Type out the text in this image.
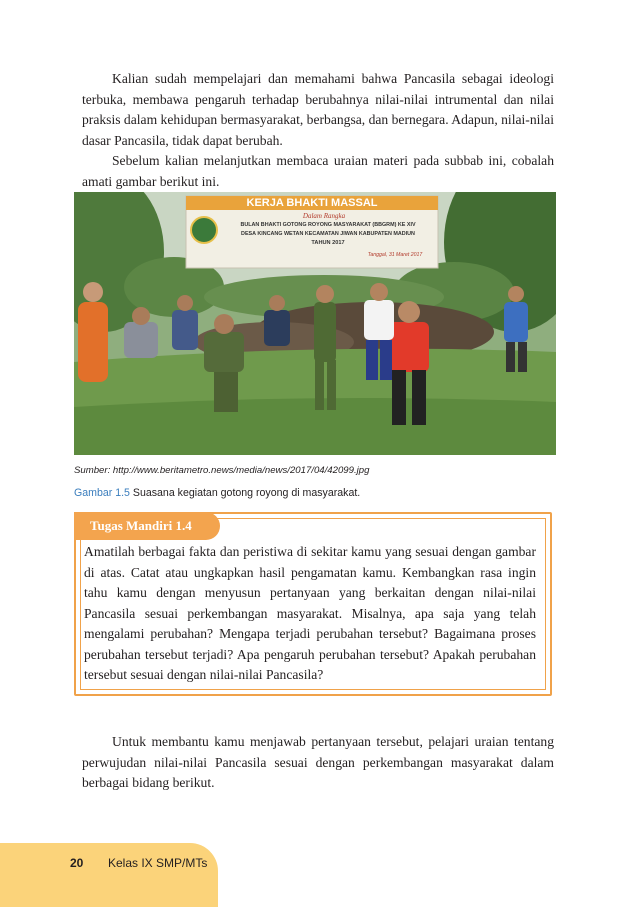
Kalian sudah mempelajari dan memahami bahwa Pancasila sebagai ideologi terbuka, membawa pengaruh terhadap berubahnya nilai-nilai intrumental dan nilai praksis dalam kehidupan bermasyarakat, berbangsa, dan bernegara. Adapun, nilai-nilai dasar Pancasila, tidak dapat berubah.

Sebelum kalian melanjutkan membaca uraian materi pada subbab ini, cobalah amati gambar berikut ini.

KERJA BHAKTI MASSAL
Dalam Rangka
BULAN BHAKTI GOTONG ROYONG MASYARAKAT (BBGRM) KE XIV
DESA KINCANG WETAN KECAMATAN JIWAN KABUPATEN MADIUN
TAHUN 2017
Tanggal, 31 Maret 2017

Sumber: http://www.beritametro.news/media/news/2017/04/42099.jpg

Gambar 1.5 Suasana kegiatan gotong royong di masyarakat.

Tugas Mandiri 1.4

Amatilah berbagai fakta dan peristiwa di sekitar kamu yang sesuai dengan gambar di atas. Catat atau ungkapkan hasil pengamatan kamu. Kembangkan rasa ingin tahu kamu dengan menyusun pertanyaan yang berkaitan dengan nilai-nilai Pancasila sesuai perkembangan masyarakat. Misalnya, apa saja yang telah mengalami perubahan? Mengapa terjadi perubahan tersebut? Bagaimana proses perubahan tersebut terjadi? Apa pengaruh perubahan tersebut? Apakah perubahan tersebut sesuai dengan nilai-nilai Pancasila?

Untuk membantu kamu menjawab pertanyaan tersebut, pelajari uraian tentang perwujudan nilai-nilai Pancasila sesuai dengan perkembangan masyarakat dalam berbagai bidang berikut.

20 Kelas IX SMP/MTs
